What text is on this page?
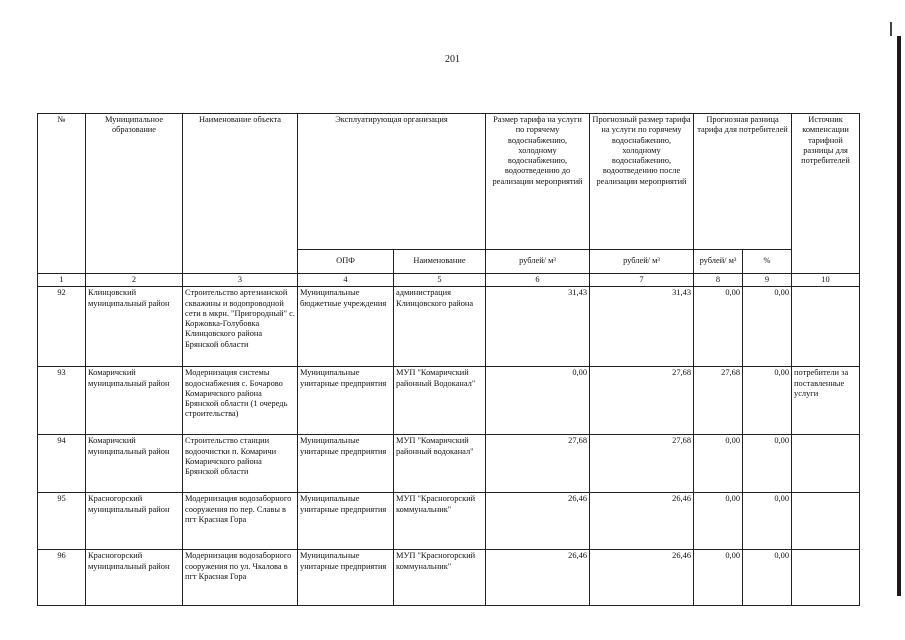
201
№	Муниципальное образование	Наименование объекта	Эксплуатирующая организация		Размер тарифа на услуги по горячему водоснабжению, холодному водоснабжению, водоотведению до реализации мероприятий	Прогнозный размер тарифа на услуги по горячему водоснабжению, холодному водоснабжению, водоотведению после реализации мероприятий	Прогнозная разница тарифа для потребителей		Источник компенсации тарифной разницы для потребителей
			ОПФ	Наименование	рублей/ м³	рублей/ м³	рублей/ м³	%	
1	2	3	4	5	6	7	8	9	10
92	Клинцовский муниципальный район	Строительство артезианской скважины и водопроводной сети в мкрн. "Пригородный" с. Коржовка-Голубовка Клинцовского района Брянской области	Муниципальные бюджетные учреждения	администрация Клинцовского района	31,43	31,43	0,00	0,00	
93	Комаричский муниципальный район	Модернизация системы водоснабжения с. Бочарово Комаричского района Брянской области (1 очередь строительства)	Муниципальные унитарные предприятия	МУП "Комаричский районный Водоканал"	0,00	27,68	27,68	0,00	потребители за поставленные услуги
94	Комаричский муниципальный район	Строительство станции водоочистки п. Комаричи Комаричского района Брянской области	Муниципальные унитарные предприятия	МУП "Комаричский районный водоканал"	27,68	27,68	0,00	0,00	
95	Красногорский муниципальный район	Модернизация водозаборного сооружения по пер. Славы в пгт Красная Гора	Муниципальные унитарные предприятия	МУП "Красногорский коммунальник"	26,46	26,46	0,00	0,00	
96	Красногорский муниципальный район	Модернизация водозаборного сооружения по ул. Чкалова в пгт Красная Гора	Муниципальные унитарные предприятия	МУП "Красногорский коммунальник"	26,46	26,46	0,00	0,00	
